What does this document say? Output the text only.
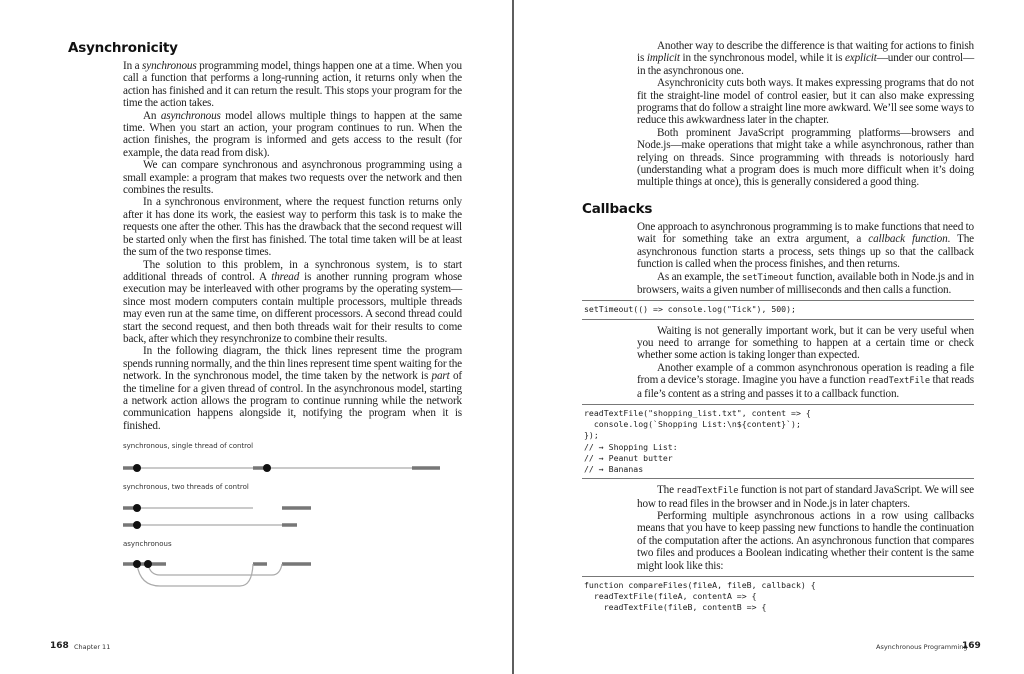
Asynchronicity

In a synchronous programming model, things happen one at a time. When you call a function that performs a long-running action, it returns only when the action has finished and it can return the result. This stops your program for the time the action takes.

An asynchronous model allows multiple things to happen at the same time. When you start an action, your program continues to run. When the action finishes, the program is informed and gets access to the result (for example, the data read from disk).

We can compare synchronous and asynchronous programming using a small example: a program that makes two requests over the network and then combines the results.

In a synchronous environment, where the request function returns only after it has done its work, the easiest way to perform this task is to make the requests one after the other. This has the drawback that the second request will be started only when the first has finished. The total time taken will be at least the sum of the two response times.

The solution to this problem, in a synchronous system, is to start additional threads of control. A thread is another running program whose execution may be interleaved with other programs by the operating system—since most modern computers contain multiple processors, multiple threads may even run at the same time, on different processors. A second thread could start the second request, and then both threads wait for their results to come back, after which they resynchronize to combine their results.

In the following diagram, the thick lines represent time the program spends running normally, and the thin lines represent time spent waiting for the network. In the synchronous model, the time taken by the network is part of the timeline for a given thread of control. In the asynchronous model, starting a network action allows the program to continue running while the network communication happens alongside it, notifying the program when it is finished.

synchronous, single thread of control
synchronous, two threads of control
asynchronous
168 Chapter 11

Another way to describe the difference is that waiting for actions to finish is implicit in the synchronous model, while it is explicit—under our control—in the asynchronous one.

Asynchronicity cuts both ways. It makes expressing programs that do not fit the straight-line model of control easier, but it can also make expressing programs that do follow a straight line more awkward. We’ll see some ways to reduce this awkwardness later in the chapter.

Both prominent JavaScript programming platforms—browsers and Node.js—make operations that might take a while asynchronous, rather than relying on threads. Since programming with threads is notoriously hard (understanding what a program does is much more difficult when it’s doing multiple things at once), this is generally considered a good thing.

Callbacks

One approach to asynchronous programming is to make functions that need to wait for something take an extra argument, a callback function. The asynchronous function starts a process, sets things up so that the callback function is called when the process finishes, and then returns.

As an example, the setTimeout function, available both in Node.js and in browsers, waits a given number of milliseconds and then calls a function.

setTimeout(() => console.log("Tick"), 500);

Waiting is not generally important work, but it can be very useful when you need to arrange for something to happen at a certain time or check whether some action is taking longer than expected.

Another example of a common asynchronous operation is reading a file from a device’s storage. Imagine you have a function readTextFile that reads a file’s content as a string and passes it to a callback function.

readTextFile("shopping_list.txt", content => {
console.log(`Shopping List:\n${content}`);
});
// → Shopping List:
// → Peanut butter
// → Bananas

The readTextFile function is not part of standard JavaScript. We will see how to read files in the browser and in Node.js in later chapters.

Performing multiple asynchronous actions in a row using callbacks means that you have to keep passing new functions to handle the continuation of the computation after the actions. An asynchronous function that compares two files and produces a Boolean indicating whether their content is the same might look like this:

function compareFiles(fileA, fileB, callback) {
readTextFile(fileA, contentA => {
readTextFile(fileB, contentB => {
Asynchronous Programming
169
